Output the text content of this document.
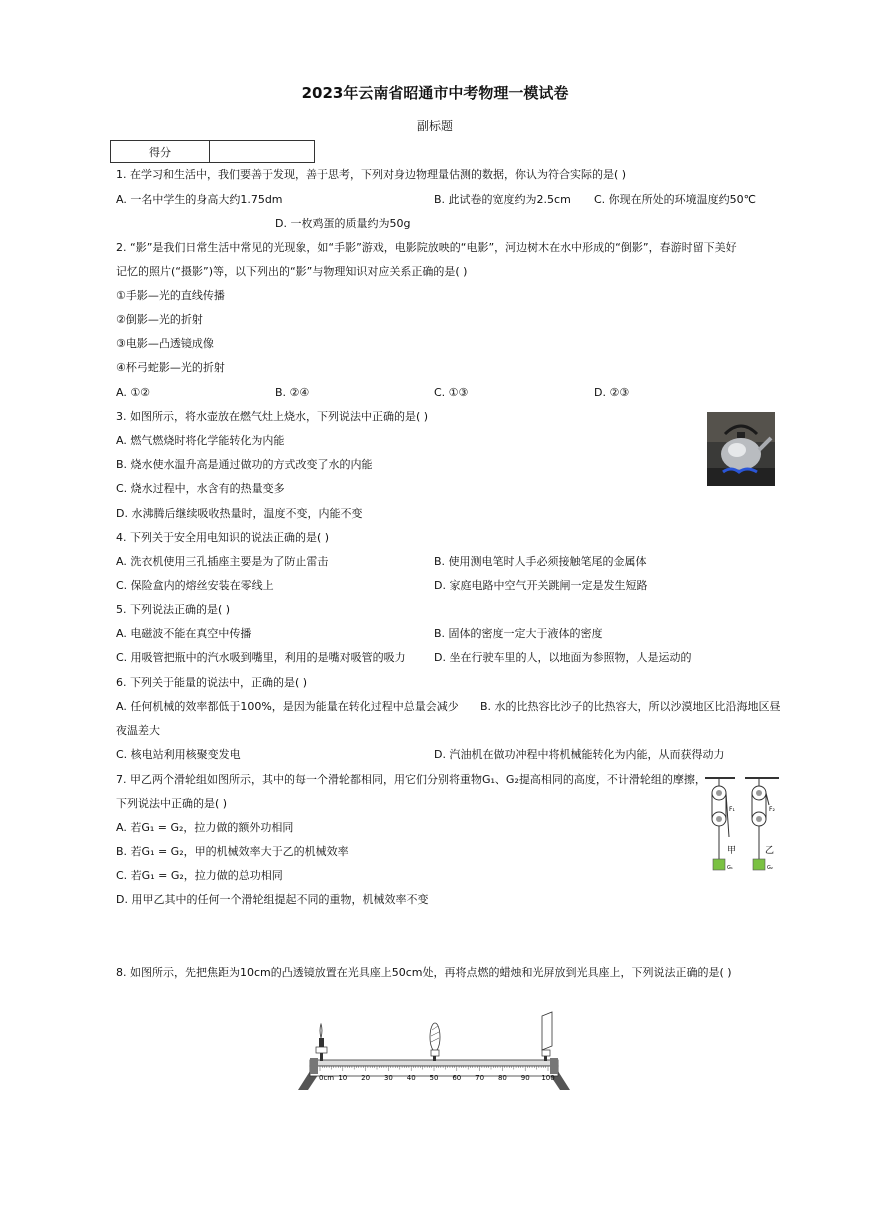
2023年云南省昭通市中考物理一模试卷
副标题
得分	
1. 在学习和生活中，我们要善于发现，善于思考，下列对身边物理量估测的数据，你认为符合实际的是( )
A. 一名中学生的身高大约1.75dm	B. 此试卷的宽度约为2.5cm C. 你现在所处的环境温度约50℃
D. 一枚鸡蛋的质量约为50g
2. “影”是我们日常生活中常见的光现象，如“手影”游戏，电影院放映的“电影”，河边树木在水中形成的“倒影”，春游时留下美好
记忆的照片(“摄影”)等，以下列出的“影”与物理知识对应关系正确的是( )
①手影—光的直线传播
②倒影—光的折射
③电影—凸透镜成像
④杯弓蛇影—光的折射
A. ①②	B. ②④	C. ①③	D. ②③
3. 如图所示，将水壶放在燃气灶上烧水，下列说法中正确的是( )
A. 燃气燃烧时将化学能转化为内能
B. 烧水使水温升高是通过做功的方式改变了水的内能
C. 烧水过程中，水含有的热量变多
D. 水沸腾后继续吸收热量时，温度不变，内能不变
4. 下列关于安全用电知识的说法正确的是( )
A. 洗衣机使用三孔插座主要是为了防止雷击	B. 使用测电笔时人手必须接触笔尾的金属体
C. 保险盒内的熔丝安装在零线上	D. 家庭电路中空气开关跳闸一定是发生短路
5. 下列说法正确的是( )
A. 电磁波不能在真空中传播	B. 固体的密度一定大于液体的密度
C. 用吸管把瓶中的汽水吸到嘴里，利用的是嘴对吸管的吸力	D. 坐在行驶车里的人，以地面为参照物，人是运动的
6. 下列关于能量的说法中，正确的是( )
A. 任何机械的效率都低于100%，是因为能量在转化过程中总量会减少 B. 水的比热容比沙子的比热容大，所以沙漠地区比沿海地区昼
夜温差大
C. 核电站利用核聚变发电	D. 汽油机在做功冲程中将机械能转化为内能，从而获得动力
7. 甲乙两个滑轮组如图所示，其中的每一个滑轮都相同，用它们分别将重物G₁、G₂提高相同的高度，不计滑轮组的摩擦，
下列说法中正确的是( )
A. 若G₁ = G₂，拉力做的额外功相同
B. 若G₁ = G₂，甲的机械效率大于乙的机械效率
C. 若G₁ = G₂，拉力做的总功相同
D. 用甲乙其中的任何一个滑轮组提起不同的重物，机械效率不变
F₁	F₂
甲	乙
G₁	G₂
8. 如图所示，先把焦距为10cm的凸透镜放置在光具座上50cm处，再将点燃的蜡烛和光屏放到光具座上，下列说法正确的是( )
0cm 10 20 30 40 50 60 70 80 90 100
